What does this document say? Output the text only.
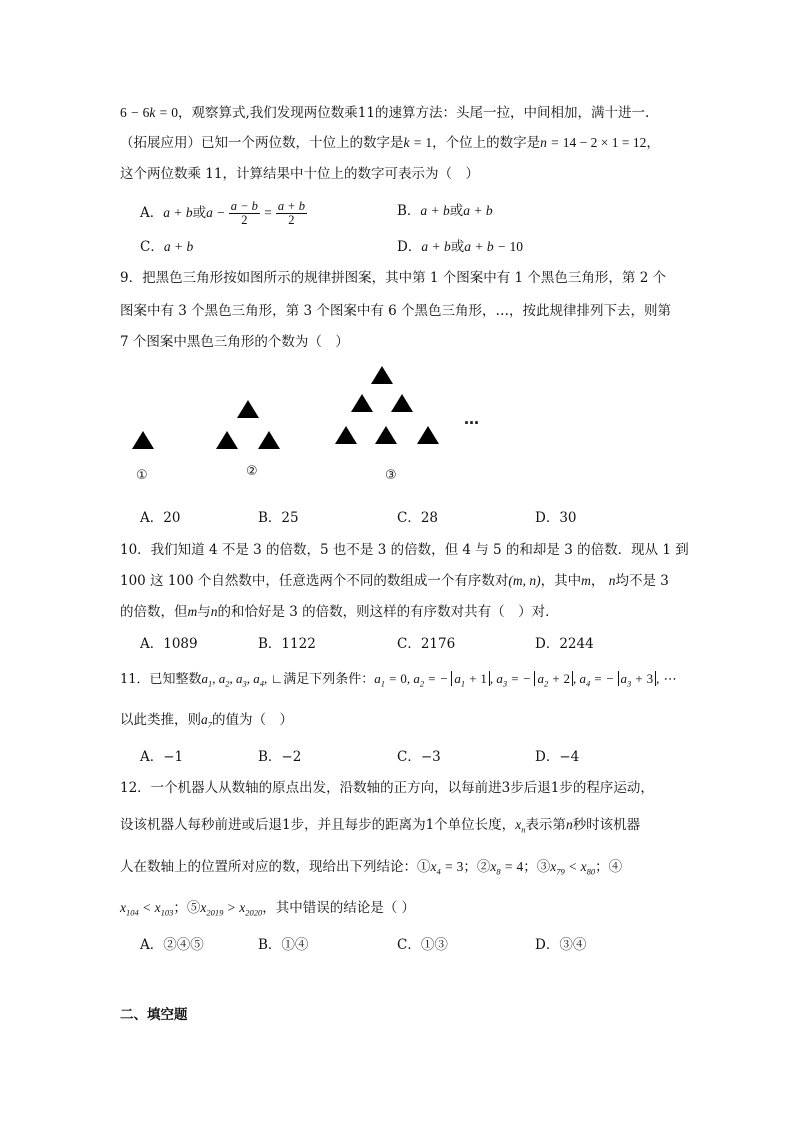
6 − 6k = 0，观察算式,我们发现两位数乘11的速算方法：头尾一拉，中间相加，满十进一.
（拓展应用）已知一个两位数，十位上的数字是k = 1，个位上的数字是n = 14 − 2 × 1 = 12，
这个两位数乘 11，计算结果中十位上的数字可表示为（　）
A．a + b或$a - \frac{a - b}{2} = \frac{a + b}{2}$	B．a + b或a + b
C．a + b	D．a + b或a + b − 10
9．把黑色三角形按如图所示的规律拼图案，其中第 1 个图案中有 1 个黑色三角形，第 2 个
图案中有 3 个黑色三角形，第 3 个图案中有 6 个黑色三角形，…，按此规律排列下去，则第
7 个图案中黑色三角形的个数为（　）
①	②	③
…
A．20	B．25	C．28	D．30
10．我们知道 4 不是 3 的倍数，5 也不是 3 的倍数，但 4 与 5 的和却是 3 的倍数．现从 1 到
100 这 100 个自然数中，任意选两个不同的数组成一个有序数对(m, n)，其中m， n均不是 3
的倍数，但m与n的和恰好是 3 的倍数，则这样的有序数对共有（　）对．
A．1089	B．1122	C．2176	D．2244
11．已知整数$a_1$, $a_2$, $a_3$, $a_4$, ∟满足下列条件：$a_1 = 0$, $a_2$ = − $a_1 + 1$ , $a_3$ = − $a_2 + 2$ , $a_4$ = − $a_3 + 3$ , ⋯
以此类推，则$a_7$的值为（　）
A．−1	B．−2	C．−3	D．−4
12．一个机器人从数轴的原点出发，沿数轴的正方向，以每前进3步后退1步的程序运动，
设该机器人每秒前进或后退1步，并且每步的距离为1个单位长度，$x_n$表示第n秒时该机器
人在数轴上的位置所对应的数，现给出下列结论：$①x_4 = 3$；$②x_8 = 4$；$③x_{79} < x_{80}$；④
$x_{104} < x_{103}$；$⑤x_{2019} > x_{2020}$，其中错误的结论是（ ）
A．②④⑤	B．①④	C．①③	D．③④
二、填空题
